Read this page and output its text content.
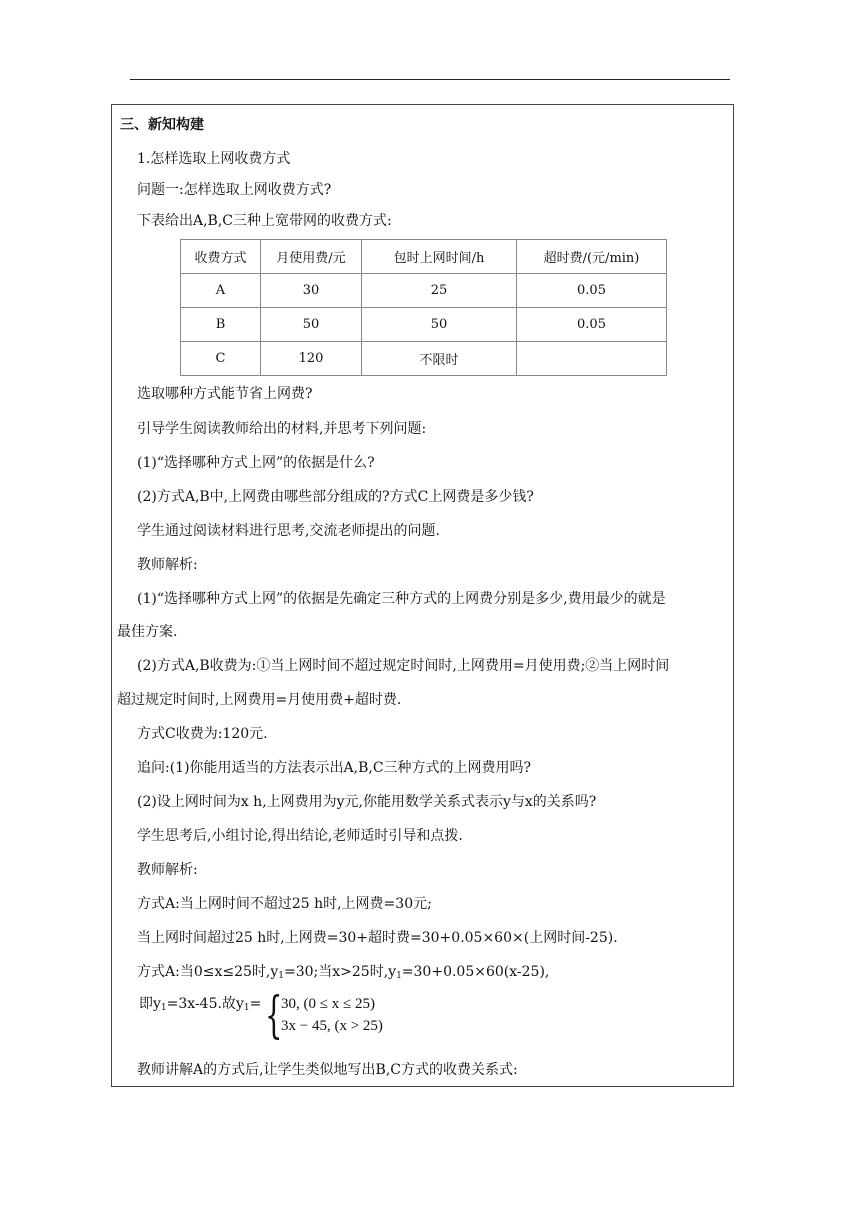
三、新知构建
1.怎样选取上网收费方式
问题一:怎样选取上网收费方式?
下表给出A,B,C三种上宽带网的收费方式:
收费方式	月使用费/元	包时上网时间/h	超时费/(元/min)
A	30	25	0.05
B	50	50	0.05
C	120	不限时	
选取哪种方式能节省上网费?
引导学生阅读教师给出的材料,并思考下列问题:
(1)“选择哪种方式上网”的依据是什么?
(2)方式A,B中,上网费由哪些部分组成的?方式C上网费是多少钱?
学生通过阅读材料进行思考,交流老师提出的问题.
教师解析:
(1)“选择哪种方式上网”的依据是先确定三种方式的上网费分别是多少,费用最少的就是
最佳方案.
(2)方式A,B收费为:①当上网时间不超过规定时间时,上网费用=月使用费;②当上网时间
超过规定时间时,上网费用=月使用费+超时费.
方式C收费为:120元.
追问:(1)你能用适当的方法表示出A,B,C三种方式的上网费用吗?
(2)设上网时间为x h,上网费用为y元,你能用数学关系式表示y与x的关系吗?
学生思考后,小组讨论,得出结论,老师适时引导和点拨.
教师解析:
方式A:当上网时间不超过25 h时,上网费=30元;
当上网时间超过25 h时,上网费=30+超时费=30+0.05×60×(上网时间-25).
方式A:当0≤x≤25时$,y_1=30$;当x>25时$,y_1=30+0.05\times 60(x-25)$,
即$y_1=3x-45$.故$y_1=$ {
30, (0 ≤ x ≤ 25)
3x − 45, (x > 25)
教师讲解A的方式后,让学生类似地写出B,C方式的收费关系式:
